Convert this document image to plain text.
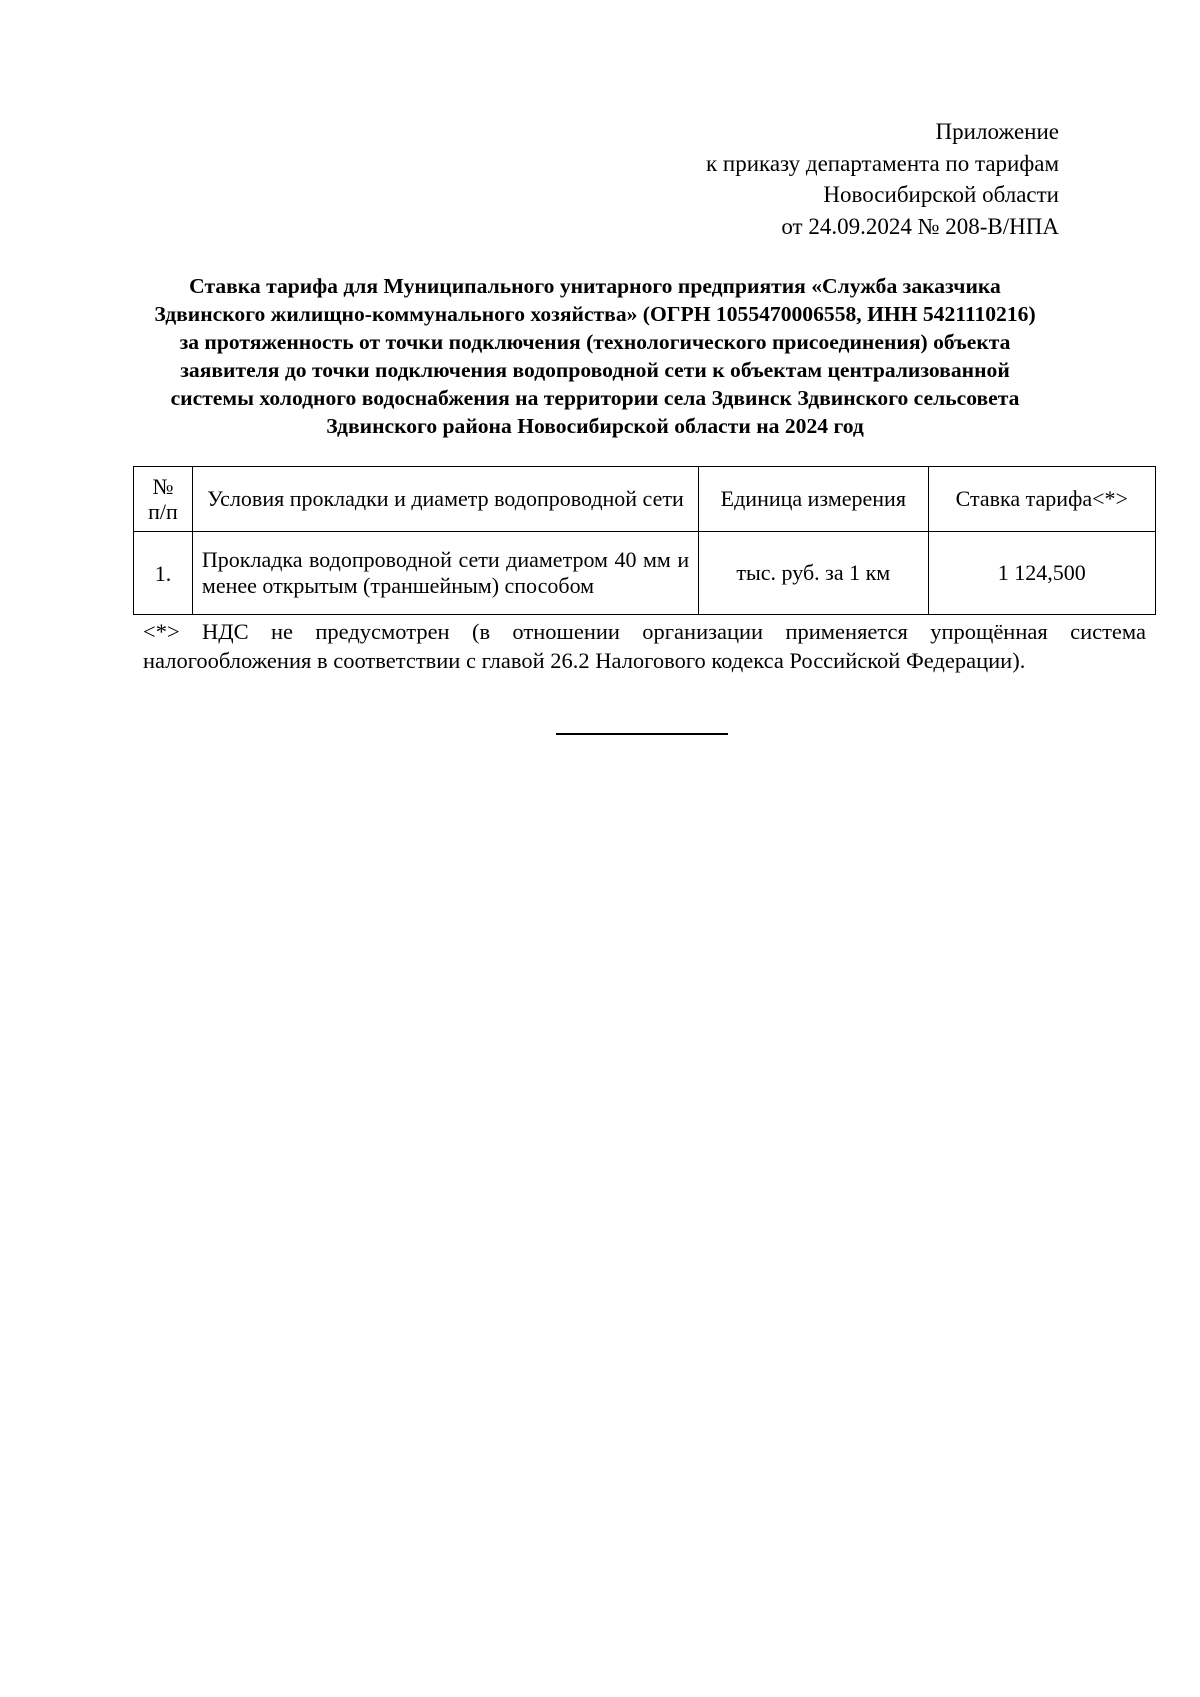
Приложение
к приказу департамента по тарифам
Новосибирской области
от 24.09.2024 № 208-В/НПА
Ставка тарифа для Муниципального унитарного предприятия «Служба заказчика
Здвинского жилищно-коммунального хозяйства» (ОГРН 1055470006558, ИНН 5421110216)
за протяженность от точки подключения (технологического присоединения) объекта
заявителя до точки подключения водопроводной сети к объектам централизованной
системы холодного водоснабжения на территории села Здвинск Здвинского сельсовета
Здвинского района Новосибирской области на 2024 год
№
п/п	Условия прокладки и диаметр водопроводной сети	Единица измерения	Ставка тарифа<*>
1.	Прокладка водопроводной сети диаметром 40 мм и менее открытым (траншейным) способом	тыс. руб. за 1 км	1 124,500
<*> НДС не предусмотрен (в отношении организации применяется упрощённая система налогообложения в соответствии с главой 26.2 Налогового кодекса Российской Федерации).
